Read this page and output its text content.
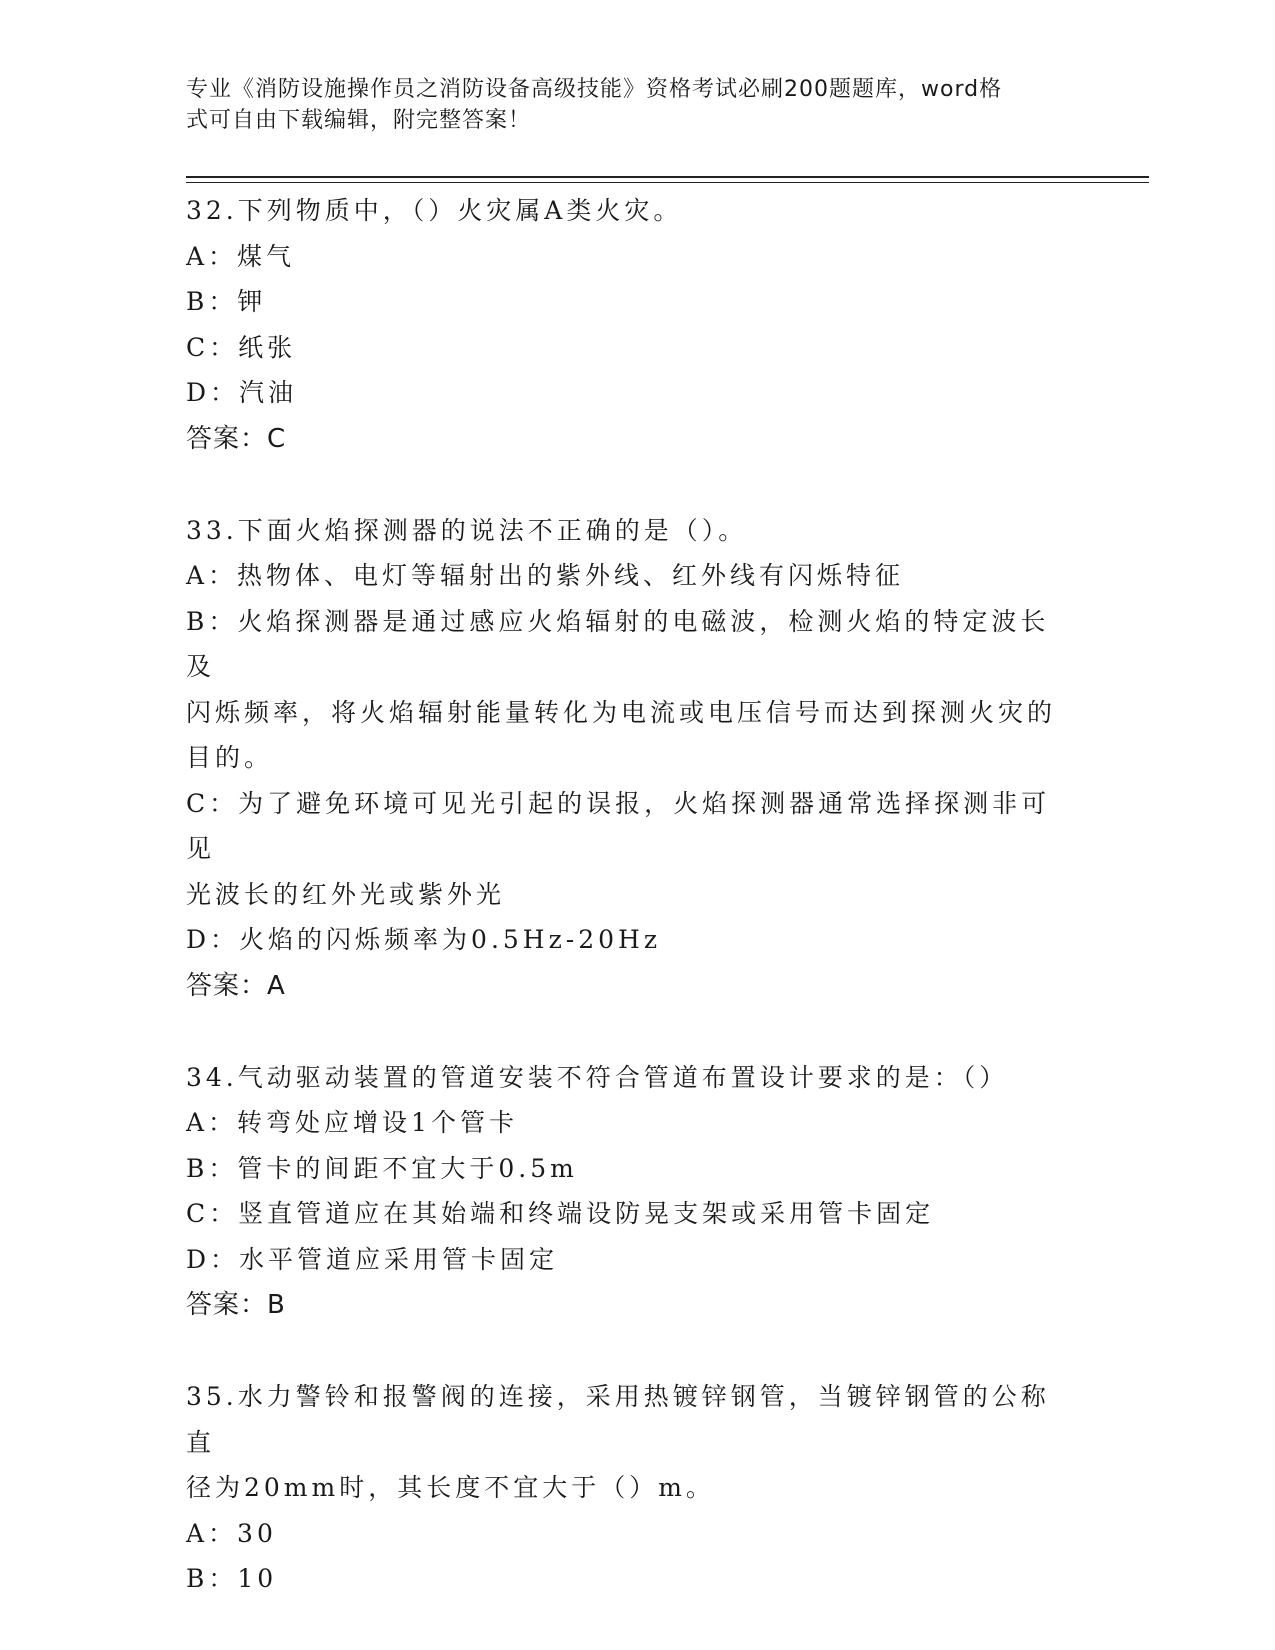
专业《消防设施操作员之消防设备高级技能》资格考试必刷200题题库，word格
式可自由下载编辑，附完整答案！
32.下列物质中，（）火灾属A类火灾。
A：煤气
B：钾
C：纸张
D：汽油
答案：C
33.下面火焰探测器的说法不正确的是（）。
A：热物体、电灯等辐射出的紫外线、红外线有闪烁特征
B：火焰探测器是通过感应火焰辐射的电磁波，检测火焰的特定波长及
闪烁频率，将火焰辐射能量转化为电流或电压信号而达到探测火灾的
目的。
C：为了避免环境可见光引起的误报，火焰探测器通常选择探测非可见
光波长的红外光或紫外光
D：火焰的闪烁频率为0.5Hz-20Hz
答案：A
34.气动驱动装置的管道安装不符合管道布置设计要求的是：（）
A：转弯处应增设1个管卡
B：管卡的间距不宜大于0.5m
C：竖直管道应在其始端和终端设防晃支架或采用管卡固定
D：水平管道应采用管卡固定
答案：B
35.水力警铃和报警阀的连接，采用热镀锌钢管，当镀锌钢管的公称直
径为20mm时，其长度不宜大于（）m。
A：30
B：10
